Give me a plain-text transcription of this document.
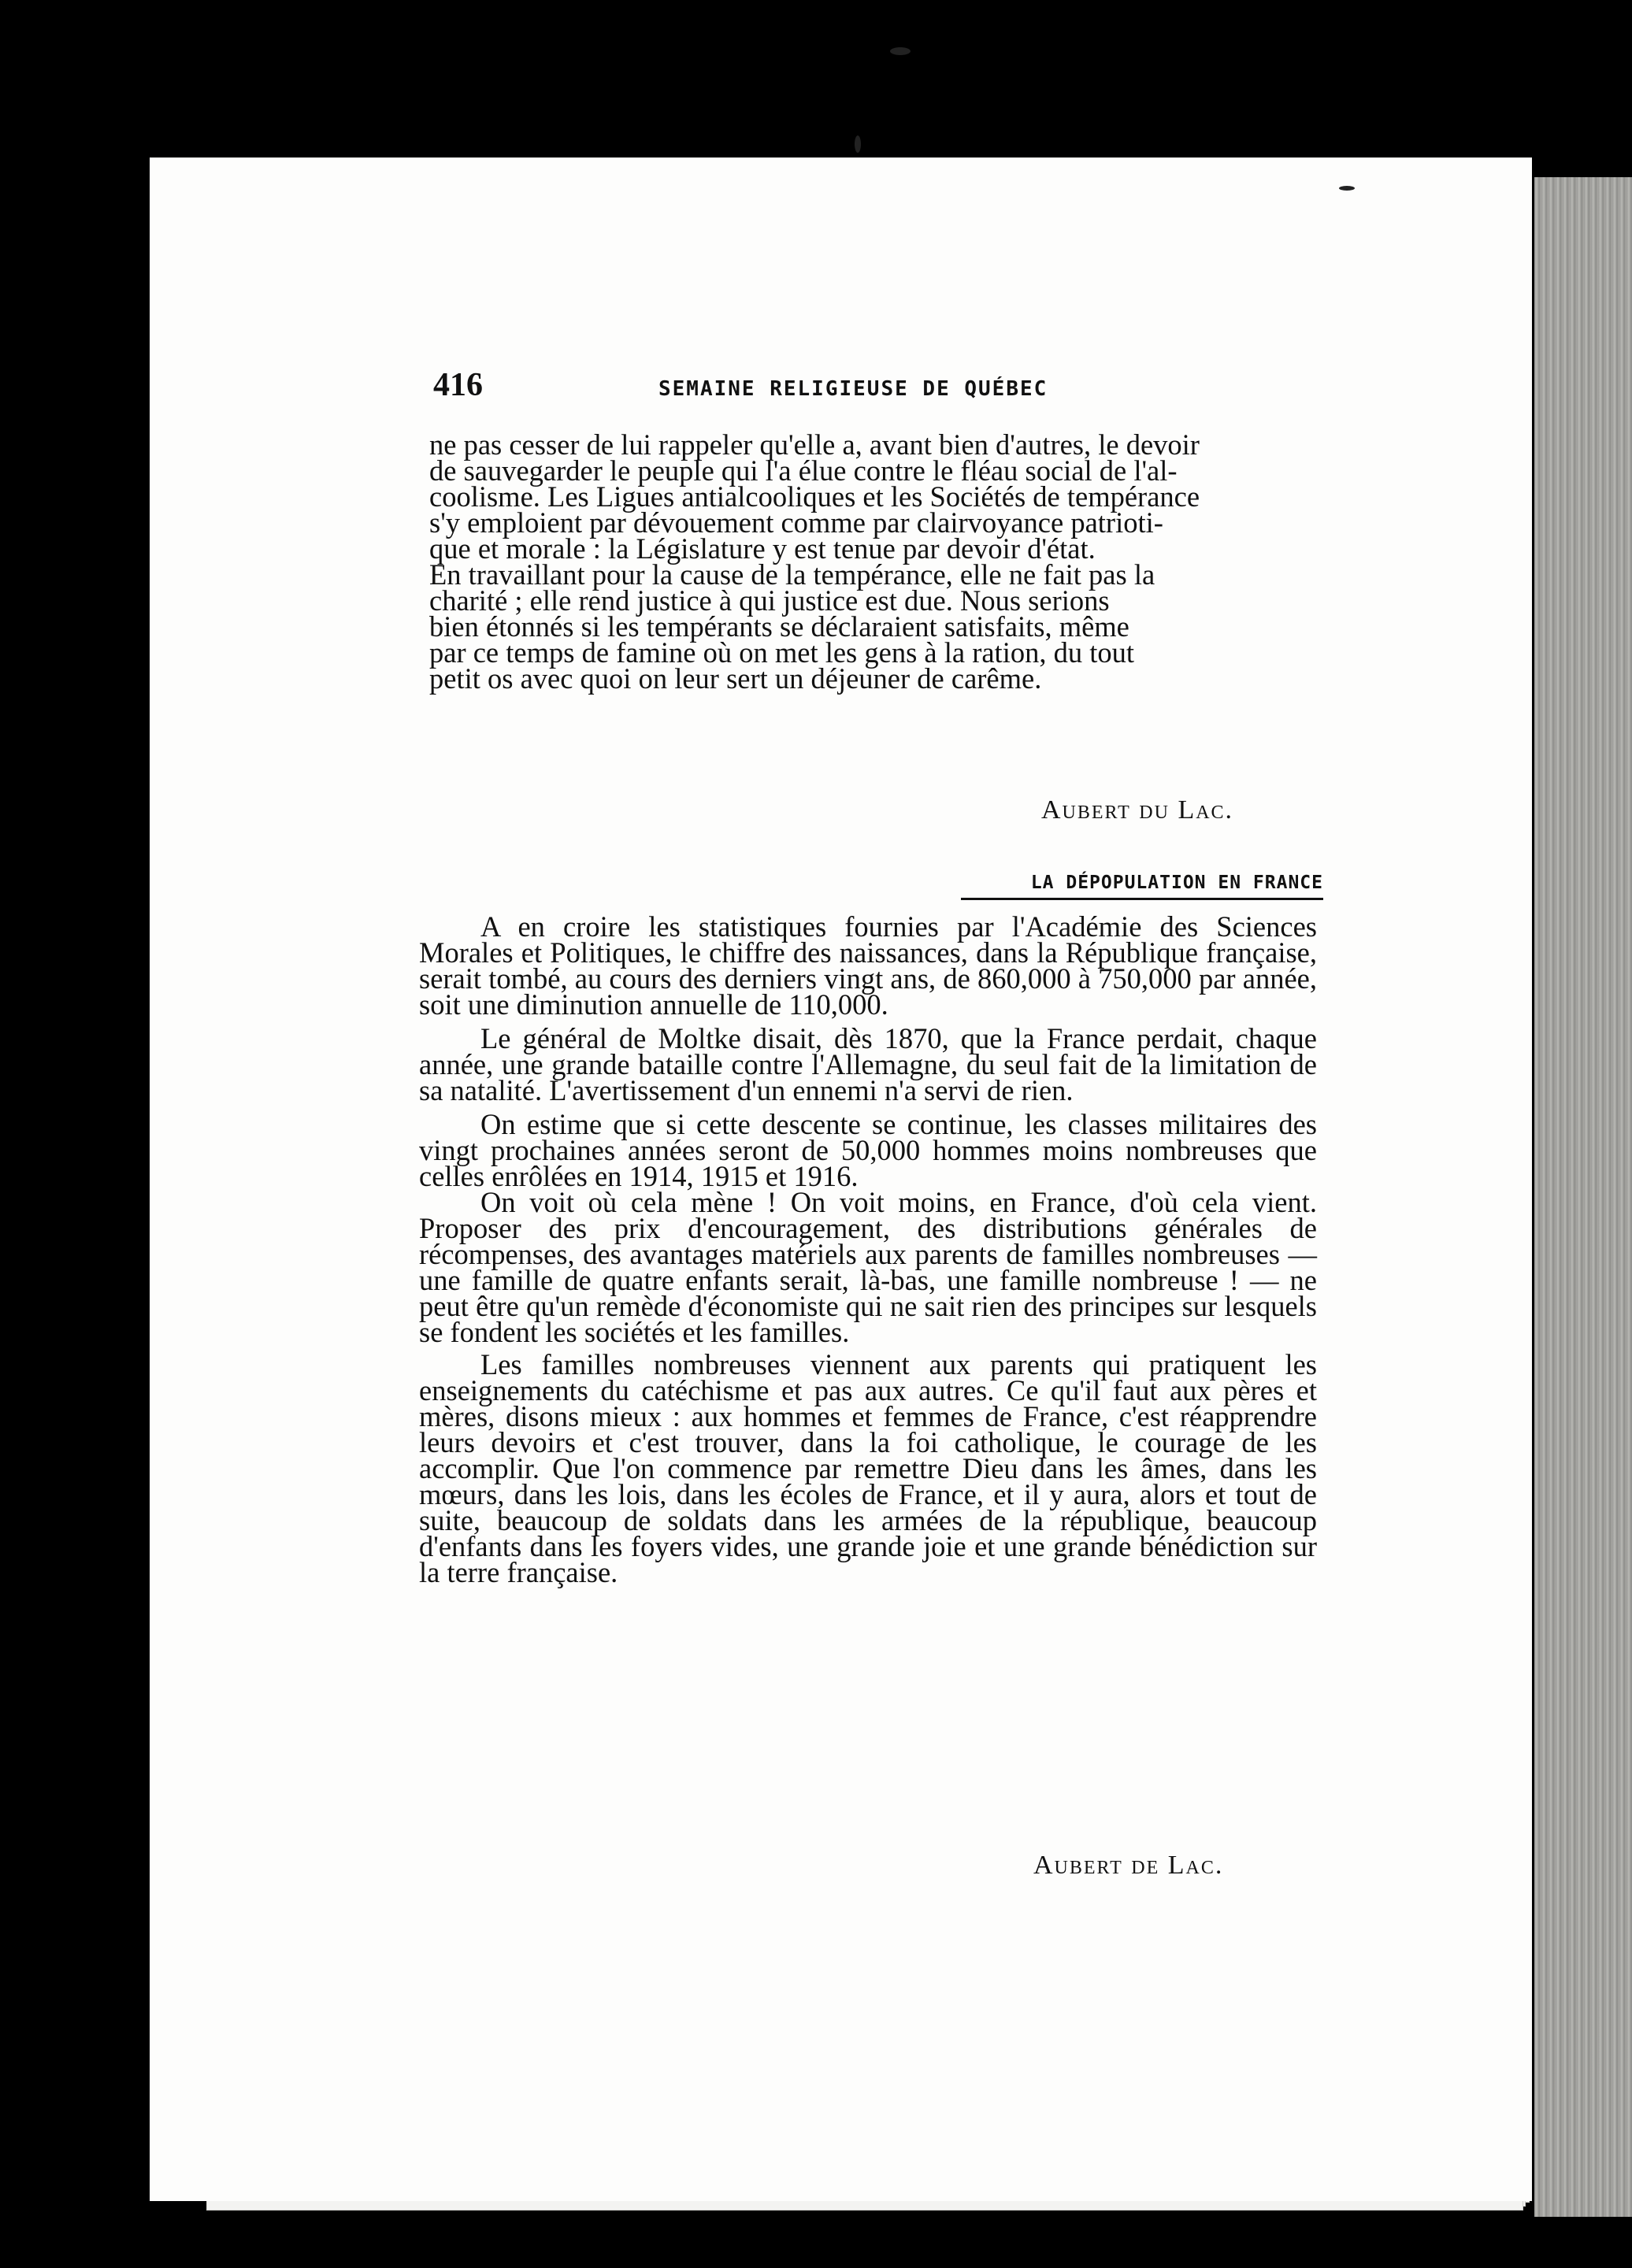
416	SEMAINE RELIGIEUSE DE QUÉBEC

ne pas cesser de lui rappeler qu'elle a, avant bien d'autres, le devoir

de sauvegarder le peuple qui l'a élue contre le fléau social de l'al-

coolisme. Les Ligues antialcooliques et les Sociétés de tempérance

s'y emploient par dévouement comme par clairvoyance patrioti-

que et morale : la Législature y est tenue par devoir d'état.

En travaillant pour la cause de la tempérance, elle ne fait pas la

charité ; elle rend justice à qui justice est due. Nous serions

bien étonnés si les tempérants se déclaraient satisfaits, même

par ce temps de famine où on met les gens à la ration, du tout

petit os avec quoi on leur sert un déjeuner de carême.

Aubert du Lac.
LA DÉPOPULATION EN FRANCE

A en croire les statistiques fournies par l'Académie des Sciences Morales et Politiques, le chiffre des naissances, dans la République française, serait tombé, au cours des derniers vingt ans, de 860,000 à 750,000 par année, soit une diminution annuelle de 110,000.

Le général de Moltke disait, dès 1870, que la France perdait, chaque année, une grande bataille contre l'Allemagne, du seul fait de la limitation de sa natalité. L'avertissement d'un ennemi n'a servi de rien.

On estime que si cette descente se continue, les classes militaires des vingt prochaines années seront de 50,000 hommes moins nombreuses que celles enrôlées en 1914, 1915 et 1916.

On voit où cela mène ! On voit moins, en France, d'où cela vient. Proposer des prix d'encouragement, des distributions générales de récompenses, des avantages matériels aux parents de familles nombreuses — une famille de quatre enfants serait, là-bas, une famille nombreuse ! — ne peut être qu'un remède d'économiste qui ne sait rien des principes sur lesquels se fondent les sociétés et les familles.

Les familles nombreuses viennent aux parents qui pratiquent les enseignements du catéchisme et pas aux autres. Ce qu'il faut aux pères et mères, disons mieux : aux hommes et femmes de France, c'est réapprendre leurs devoirs et c'est trouver, dans la foi catholique, le courage de les accomplir. Que l'on commence par remettre Dieu dans les âmes, dans les mœurs, dans les lois, dans les écoles de France, et il y aura, alors et tout de suite, beaucoup de soldats dans les armées de la république, beaucoup d'enfants dans les foyers vides, une grande joie et une grande bénédiction sur la terre française.

Aubert de Lac.
